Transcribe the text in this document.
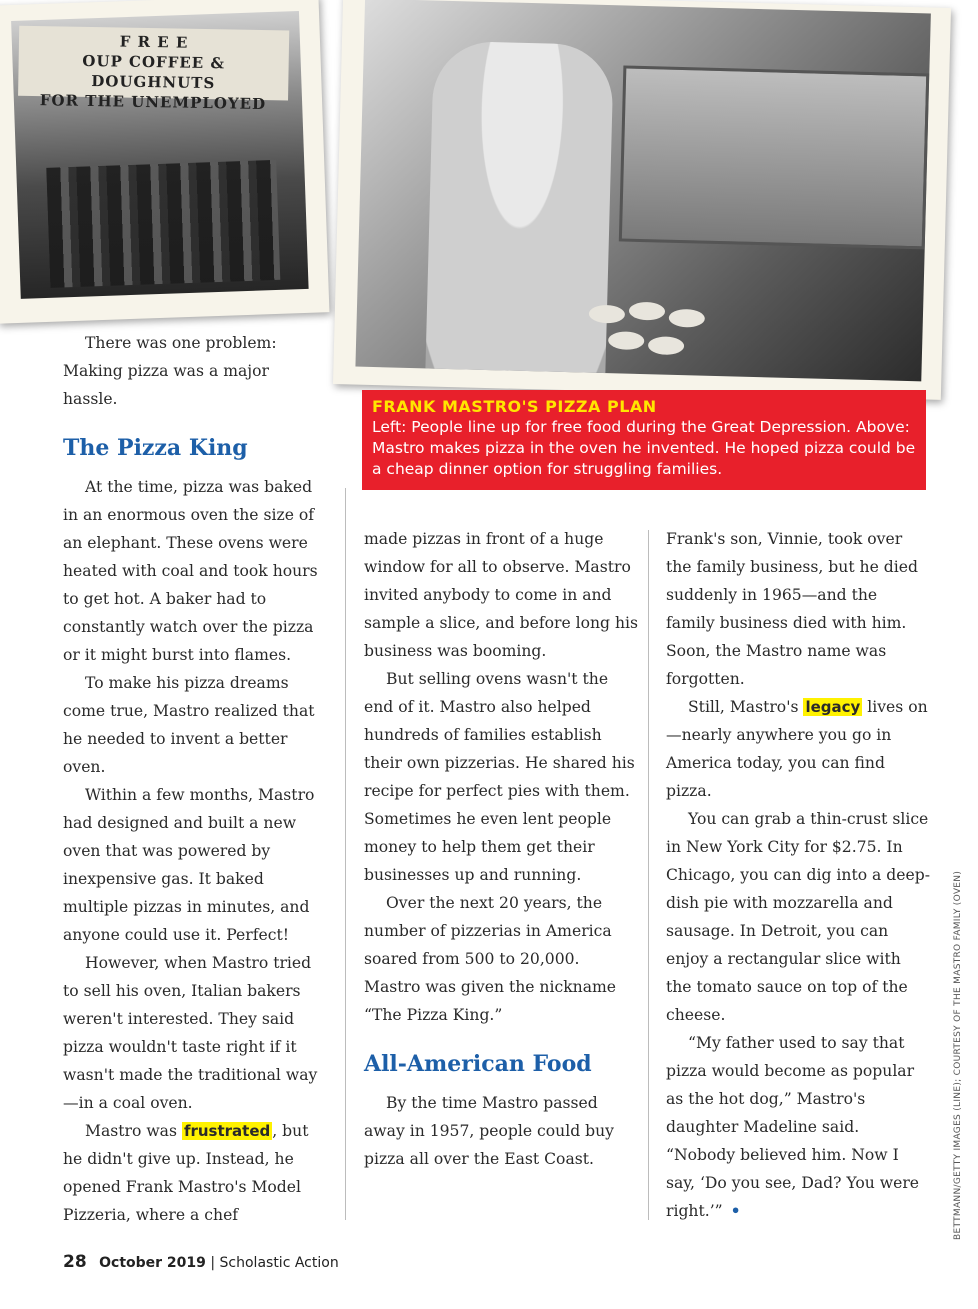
F R E E
OUP COFFEE & DOUGHNUTS
FOR THE UNEMPLOYED
FRANK MASTRO'S PIZZA PLAN
Left: People line up for free food during the Great Depression. Above: Mastro makes pizza in the oven he invented. He hoped pizza could be a cheap dinner option for struggling families.

There was one problem: Making pizza was a major hassle.

The Pizza King

At the time, pizza was baked in an enormous oven the size of an elephant. These ovens were heated with coal and took hours to get hot. A baker had to constantly watch over the pizza or it might burst into flames.

To make his pizza dreams come true, Mastro realized that he needed to invent a better oven.

Within a few months, Mastro had designed and built a new oven that was powered by inexpensive gas. It baked multiple pizzas in minutes, and anyone could use it. Perfect!

However, when Mastro tried to sell his oven, Italian bakers weren't interested. They said pizza wouldn't taste right if it wasn't made the traditional way—in a coal oven.

Mastro was frustrated , but he didn't give up. Instead, he opened Frank Mastro's Model Pizzeria, where a chef

made pizzas in front of a huge window for all to observe. Mastro invited anybody to come in and sample a slice, and before long his business was booming.

But selling ovens wasn't the end of it. Mastro also helped hundreds of families establish their own pizzerias. He shared his recipe for perfect pies with them. Sometimes he even lent people money to help them get their businesses up and running.

Over the next 20 years, the number of pizzerias in America soared from 500 to 20,000. Mastro was given the nickname “The Pizza King.”

All-American Food

By the time Mastro passed away in 1957, people could buy pizza all over the East Coast.

Frank's son, Vinnie, took over the family business, but he died suddenly in 1965—and the family business died with him. Soon, the Mastro name was forgotten.

Still, Mastro's legacy lives on—nearly anywhere you go in America today, you can find pizza.

You can grab a thin-crust slice in New York City for $2.75. In Chicago, you can dig into a deep-dish pie with mozzarella and sausage. In Detroit, you can enjoy a rectangular slice with the tomato sauce on top of the cheese.

“My father used to say that pizza would become as popular as the hot dog,” Mastro's daughter Madeline said. “Nobody believed him. Now I say, ‘Do you see, Dad? You were right.’” •

28 October 2019 | Scholastic Action
BETTMANN/GETTY IMAGES (LINE); COURTESY OF THE MASTRO FAMILY (OVEN)
